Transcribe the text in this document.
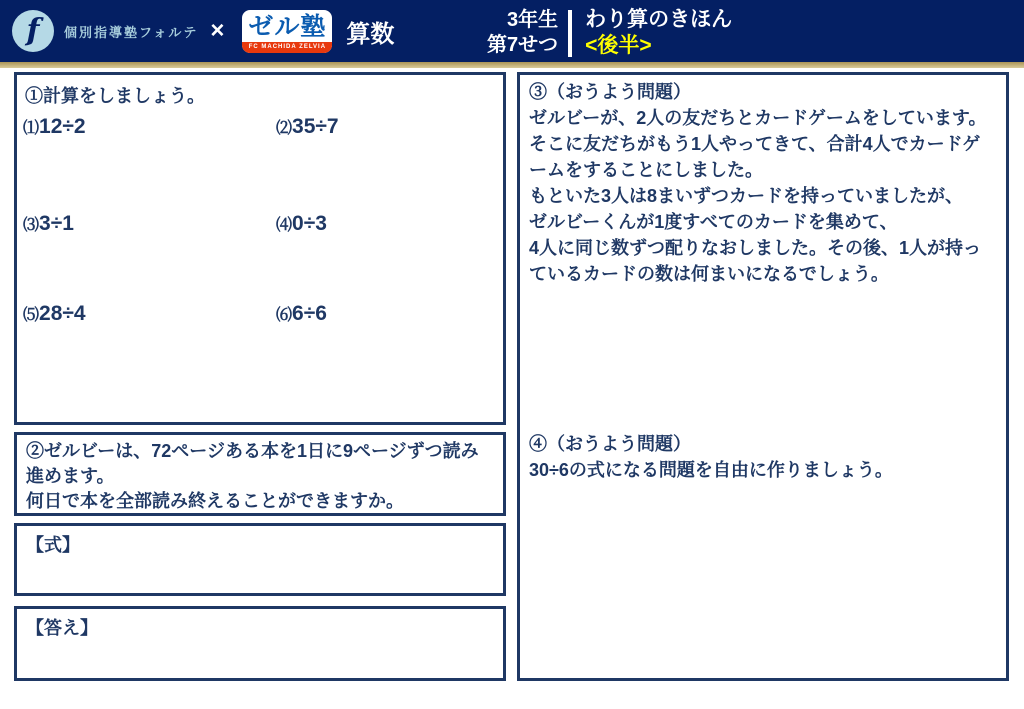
f 個別指導塾フォルテ × ゼル塾
FC MACHIDA ZELVIA 算数
3年生
第7せつ
わり算のきほん
<後半>
①計算をしましょう。
⑴12÷2	⑵35÷7
⑶3÷1	⑷0÷3
⑸28÷4	⑹6÷6
②ゼルビーは、72ページある本を1日に9ページずつ読み
進めます。
何日で本を全部読み終えることができますか。
【式】
【答え】
③（おうよう問題）
ゼルビーが、2人の友だちとカードゲームをしています。
そこに友だちがもう1人やってきて、合計4人でカードゲ
ームをすることにしました。
もといた3人は8まいずつカードを持っていましたが、
ゼルビーくんが1度すべてのカードを集めて、
4人に同じ数ずつ配りなおしました。その後、1人が持っ
ているカードの数は何まいになるでしょう。
④（おうよう問題）
30÷6の式になる問題を自由に作りましょう。
